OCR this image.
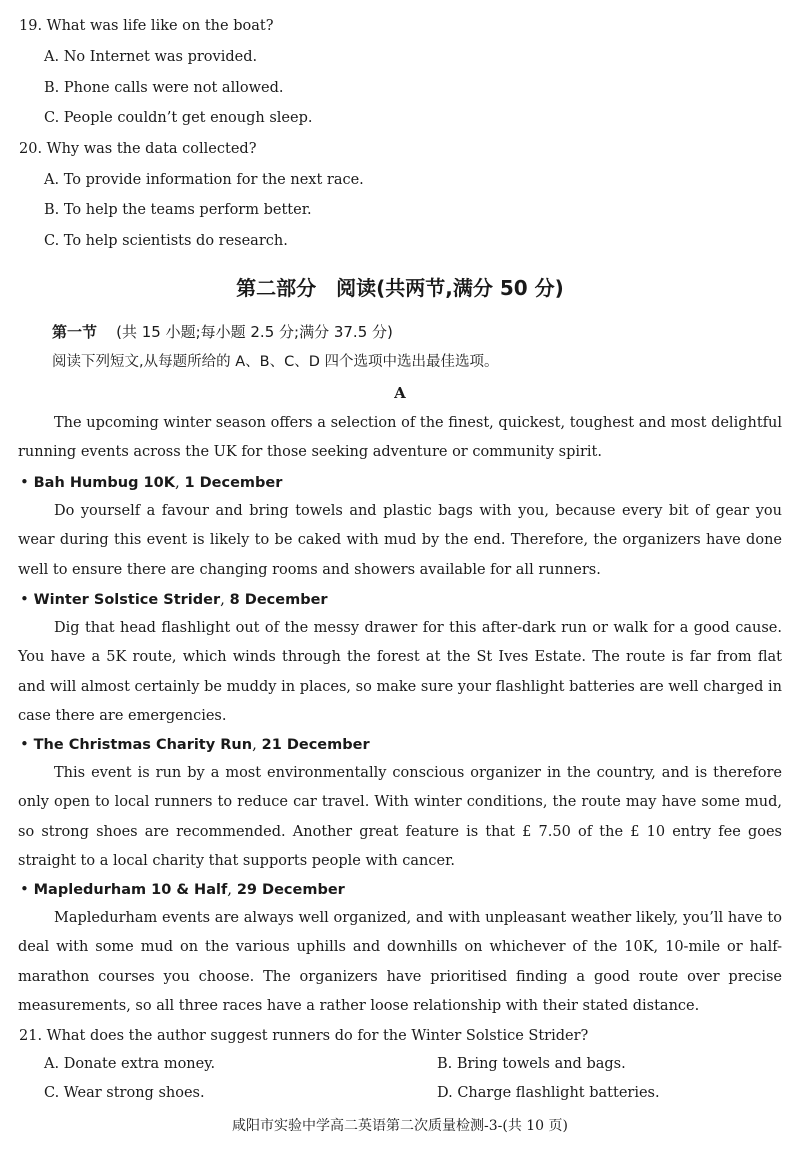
19. What was life like on the boat?
A. No Internet was provided.
B. Phone calls were not allowed.
C. People couldn’t get enough sleep.
20. Why was the data collected?
A. To provide information for the next race.
B. To help the teams perform better.
C. To help scientists do research.
第二部分　阅读(共两节,满分 50 分)
第一节 (共 15 小题;每小题 2.5 分;满分 37.5 分)
阅读下列短文,从每题所给的 A、B、C、D 四个选项中选出最佳选项。
A
The upcoming winter season offers a selection of the finest, quickest, toughest and most delightful running events across the UK for those seeking adventure or community spirit.
• Bah Humbug 10K, 1 December
Do yourself a favour and bring towels and plastic bags with you, because every bit of gear you wear during this event is likely to be caked with mud by the end. Therefore, the organizers have done well to ensure there are changing rooms and showers available for all runners.
• Winter Solstice Strider, 8 December
Dig that head flashlight out of the messy drawer for this after-dark run or walk for a good cause. You have a 5K route, which winds through the forest at the St Ives Estate. The route is far from flat and will almost certainly be muddy in places, so make sure your flashlight batteries are well charged in case there are emergencies.
• The Christmas Charity Run, 21 December
This event is run by a most environmentally conscious organizer in the country, and is therefore only open to local runners to reduce car travel. With winter conditions, the route may have some mud, so strong shoes are recommended. Another great feature is that £ 7.50 of the £ 10 entry fee goes straight to a local charity that supports people with cancer.
• Mapledurham 10 & Half, 29 December
Mapledurham events are always well organized, and with unpleasant weather likely, you’ll have to deal with some mud on the various uphills and downhills on whichever of the 10K, 10-mile or half-marathon courses you choose. The organizers have prioritised finding a good route over precise measurements, so all three races have a rather loose relationship with their stated distance.
21. What does the author suggest runners do for the Winter Solstice Strider?
A. Donate extra money.	B. Bring towels and bags.
C. Wear strong shoes.	D. Charge flashlight batteries.
咸阳市实验中学高二英语第二次质量检测-3-(共 10 页)
